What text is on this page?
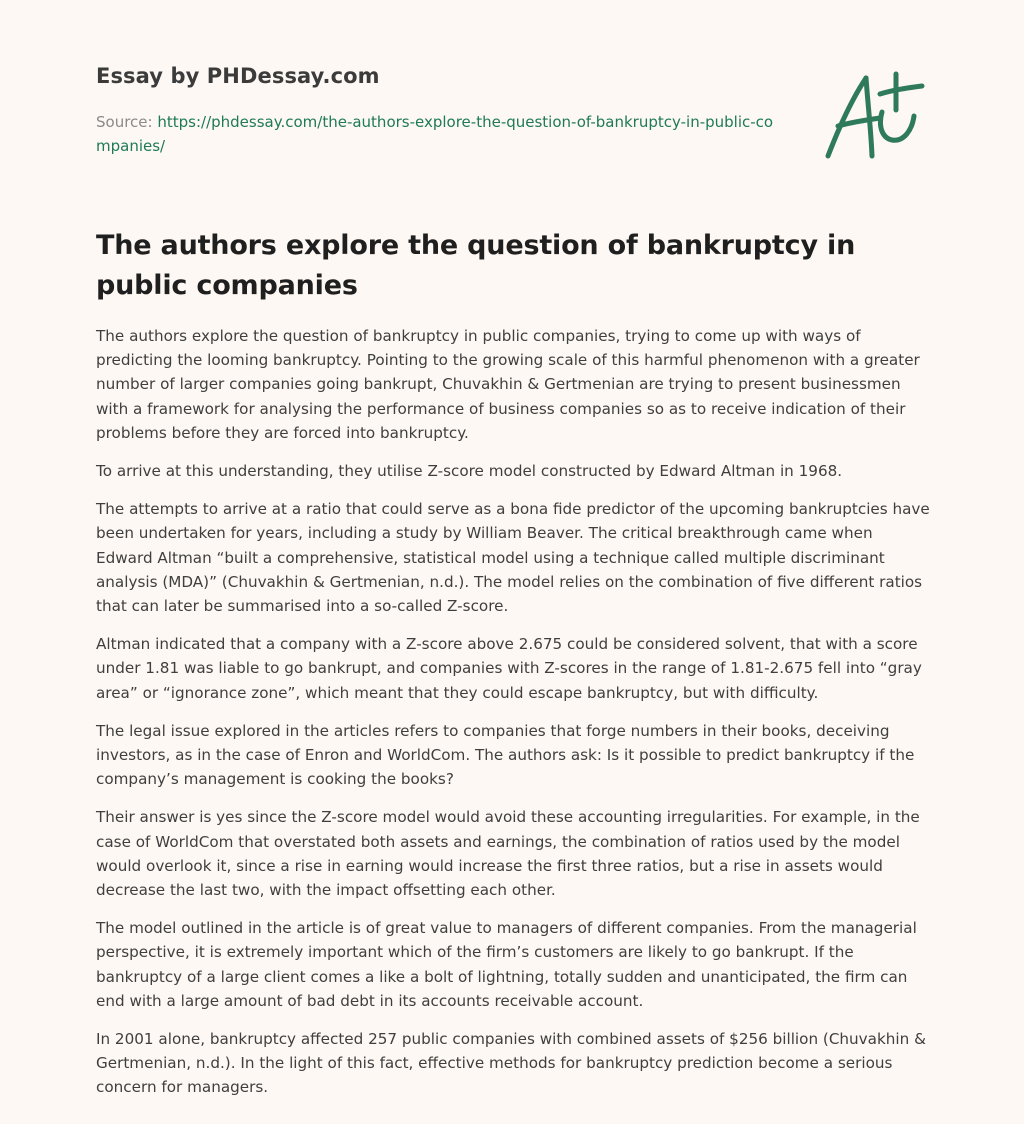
Essay by PHDessay.com
Source: https://phdessay.com/the-authors-explore-the-question-of-bankruptcy-in-public-companies/
The authors explore the question of bankruptcy in public companies

The authors explore the question of bankruptcy in public companies, trying to come up with ways of predicting the looming bankruptcy. Pointing to the growing scale of this harmful phenomenon with a greater number of larger companies going bankrupt, Chuvakhin & Gertmenian are trying to present businessmen with a framework for analysing the performance of business companies so as to receive indication of their problems before they are forced into bankruptcy.

To arrive at this understanding, they utilise Z-score model constructed by Edward Altman in 1968.

The attempts to arrive at a ratio that could serve as a bona fide predictor of the upcoming bankruptcies have been undertaken for years, including a study by William Beaver. The critical breakthrough came when Edward Altman “built a comprehensive, statistical model using a technique called multiple discriminant analysis (MDA)” (Chuvakhin & Gertmenian, n.d.). The model relies on the combination of five different ratios that can later be summarised into a so-called Z-score.

Altman indicated that a company with a Z-score above 2.675 could be considered solvent, that with a score under 1.81 was liable to go bankrupt, and companies with Z-scores in the range of 1.81-2.675 fell into “gray area” or “ignorance zone”, which meant that they could escape bankruptcy, but with difficulty.

The legal issue explored in the articles refers to companies that forge numbers in their books, deceiving investors, as in the case of Enron and WorldCom. The authors ask: Is it possible to predict bankruptcy if the company’s management is cooking the books?

Their answer is yes since the Z-score model would avoid these accounting irregularities. For example, in the case of WorldCom that overstated both assets and earnings, the combination of ratios used by the model would overlook it, since a rise in earning would increase the first three ratios, but a rise in assets would decrease the last two, with the impact offsetting each other.

The model outlined in the article is of great value to managers of different companies. From the managerial perspective, it is extremely important which of the firm’s customers are likely to go bankrupt. If the bankruptcy of a large client comes a like a bolt of lightning, totally sudden and unanticipated, the firm can end with a large amount of bad debt in its accounts receivable account.

In 2001 alone, bankruptcy affected 257 public companies with combined assets of $256 billion (Chuvakhin & Gertmenian, n.d.). In the light of this fact, effective methods for bankruptcy prediction become a serious concern for managers.
